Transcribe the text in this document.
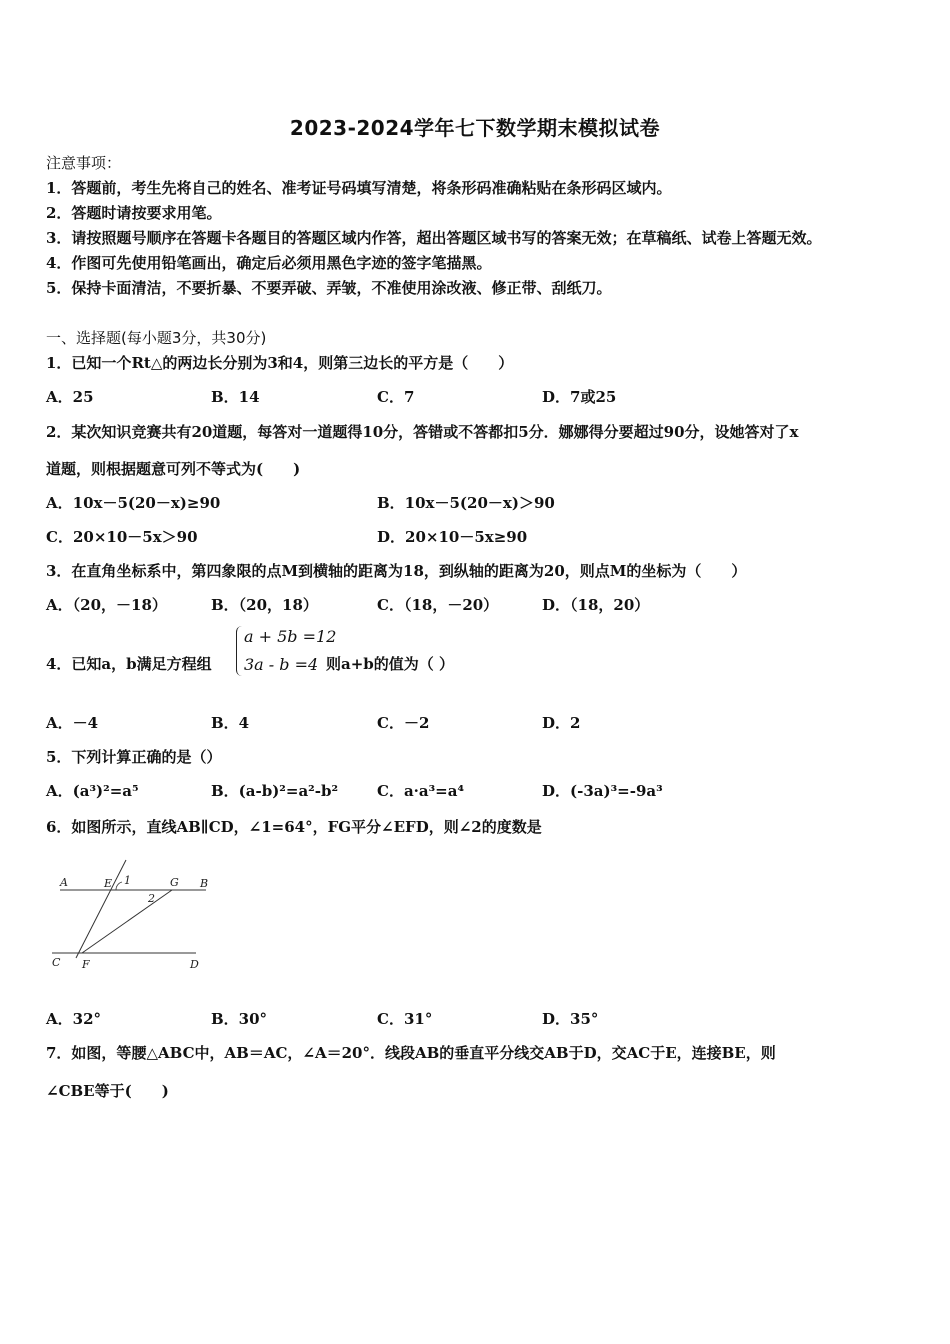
2023-2024学年七下数学期末模拟试卷
注意事项：
1．答题前，考生先将自己的姓名、准考证号码填写清楚，将条形码准确粘贴在条形码区域内。
2．答题时请按要求用笔。
3．请按照题号顺序在答题卡各题目的答题区域内作答，超出答题区域书写的答案无效；在草稿纸、试卷上答题无效。
4．作图可先使用铅笔画出，确定后必须用黑色字迹的签字笔描黑。
5．保持卡面清洁，不要折暴、不要弄破、弄皱，不准使用涂改液、修正带、刮纸刀。
一、选择题(每小题3分，共30分)
1．已知一个Rt△的两边长分别为3和4，则第三边长的平方是（　　）
A．25	B．14	C．7	D．7或25
2．某次知识竞赛共有20道题，每答对一道题得10分，答错或不答都扣5分．娜娜得分要超过90分，设她答对了x
道题，则根据题意可列不等式为(　　)
A．10x－5(20－x)≥90	B．10x－5(20－x)＞90
C．20×10－5x＞90	D．20×10－5x≥90
3．在直角坐标系中，第四象限的点M到横轴的距离为18，到纵轴的距离为20，则点M的坐标为（　　）
A．（20，－18）	B．（20，18）	C．（18，－20）	D．（18，20）
4．已知a，b满足方程组
a + 5b =12
3a - b =4 则a+b的值为（ ）
A．－4	B．4	C．－2	D．2
5．下列计算正确的是（）
A．(a³)²=a⁵	B．(a-b)²=a²-b²	C．a·a³=a⁴	D．(-3a)³=-9a³
6．如图所示，直线AB∥CD，∠1=64°，FG平分∠EFD，则∠2的度数是
A	E 1	G B
2
C F	D
A．32°	B．30°	C．31°	D．35°
7．如图，等腰△ABC中，AB＝AC，∠A＝20°．线段AB的垂直平分线交AB于D，交AC于E，连接BE，则
∠CBE等于(　　)
